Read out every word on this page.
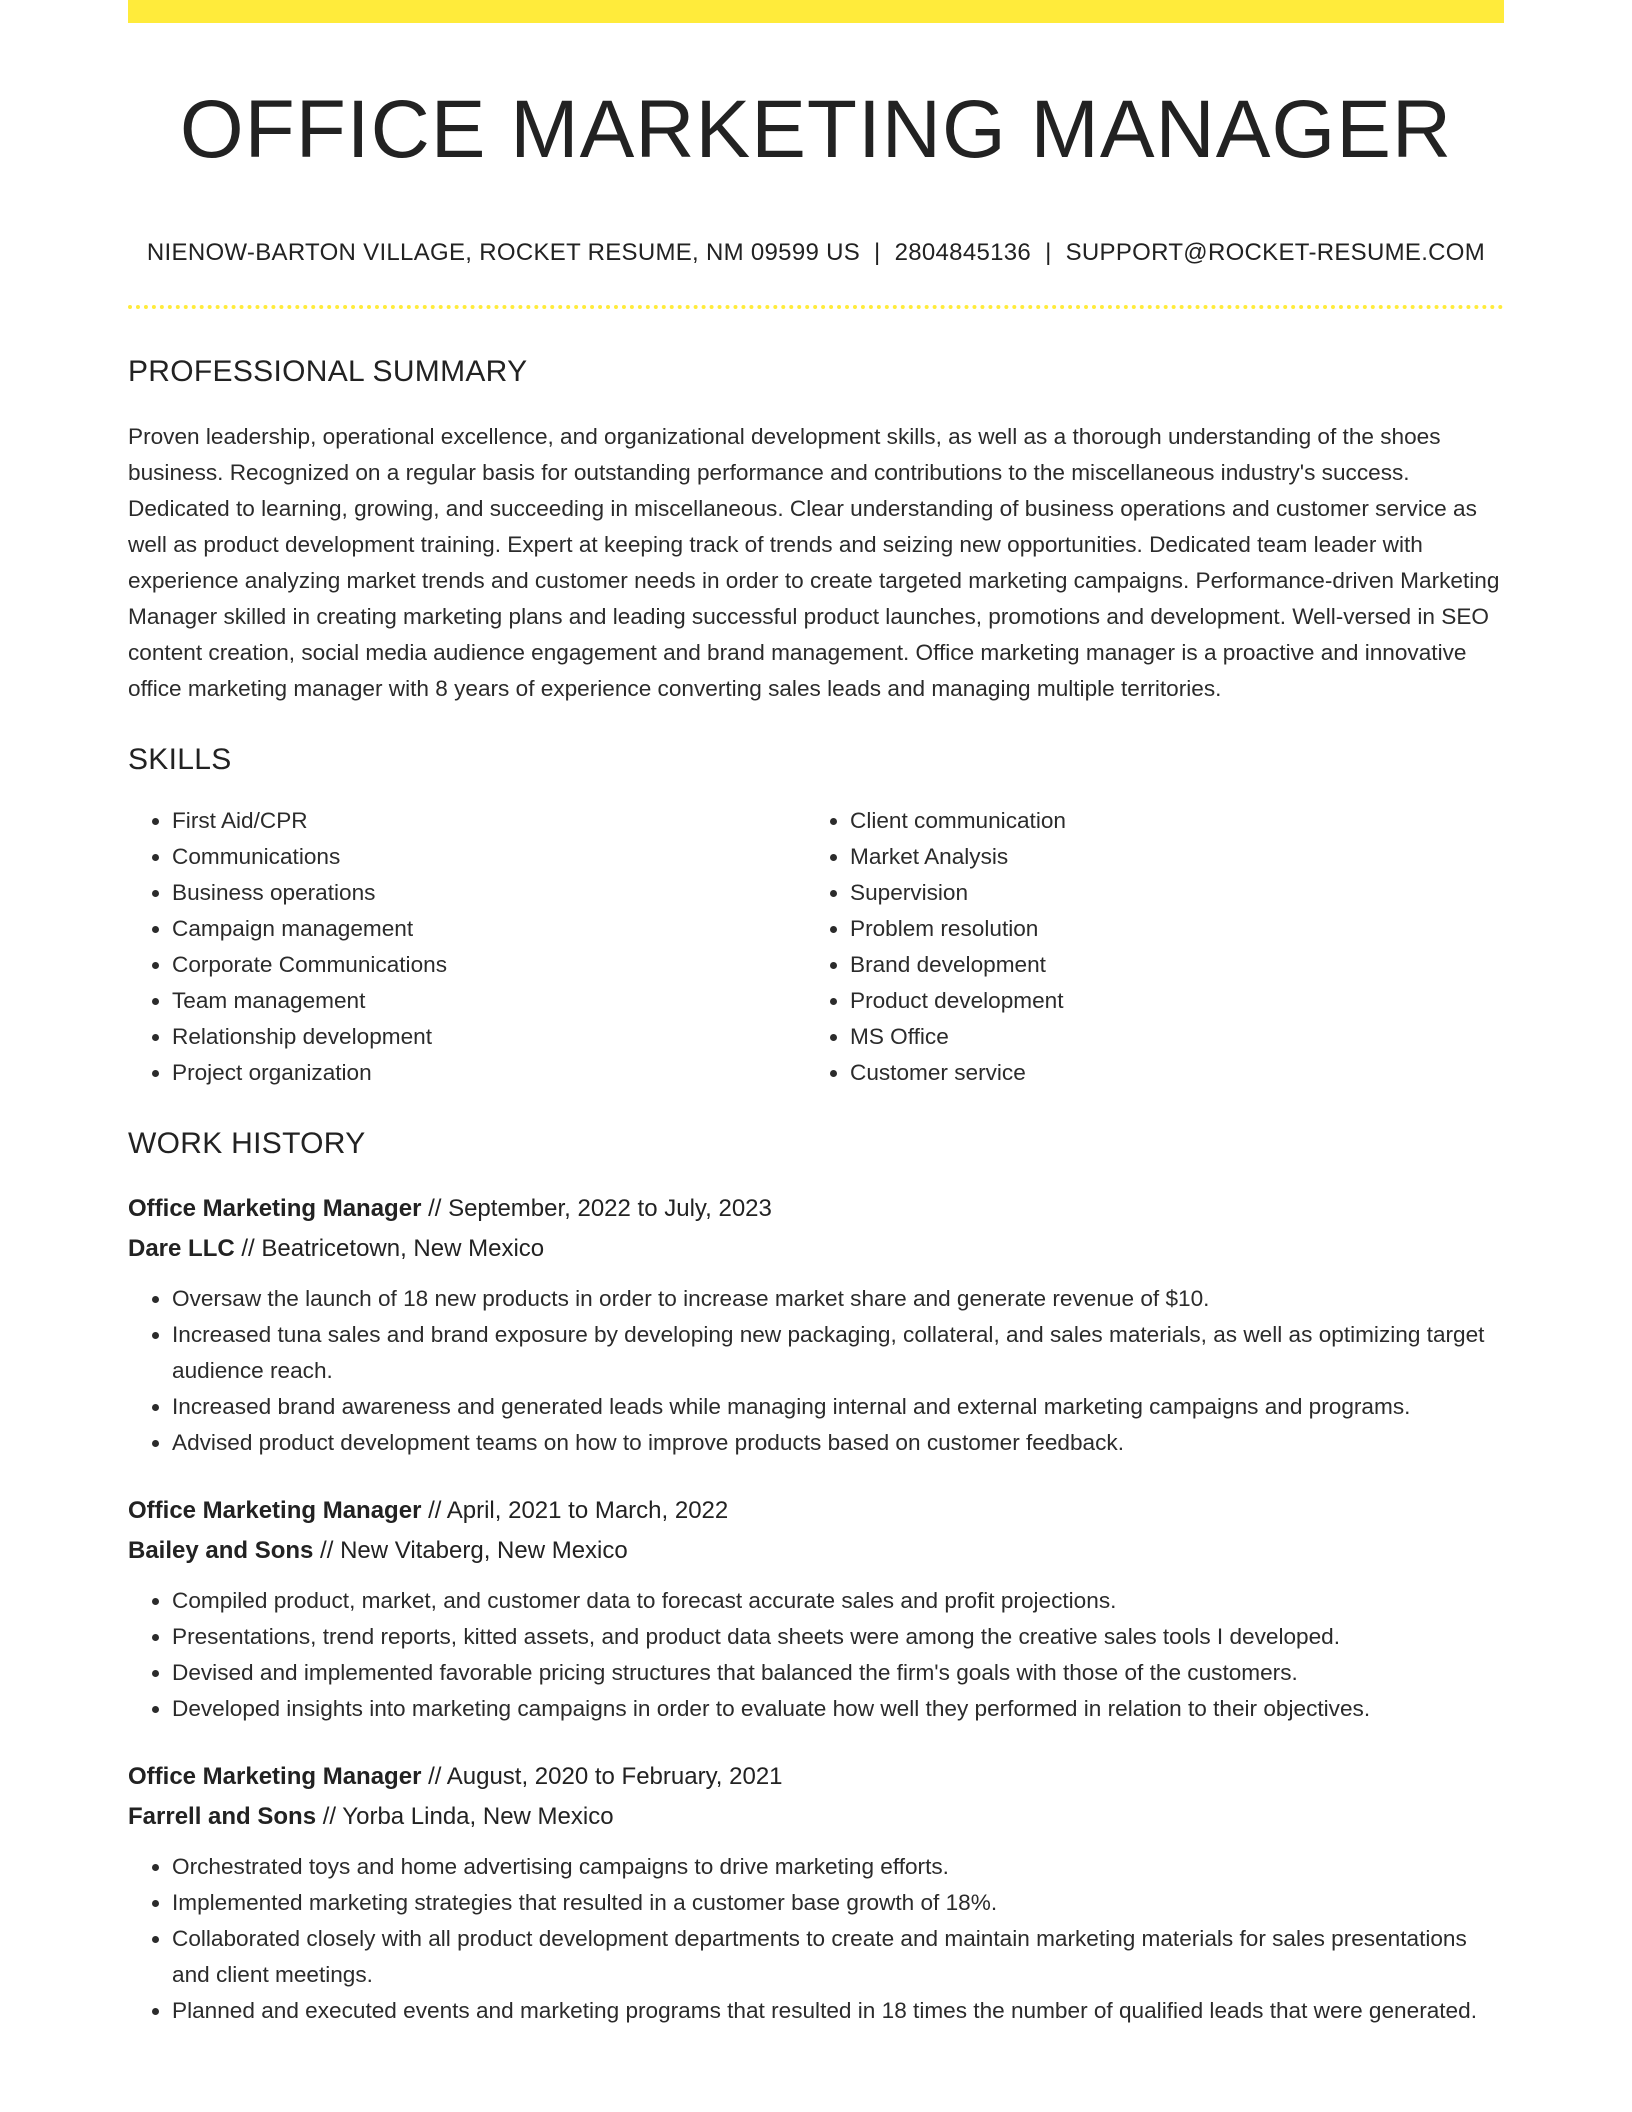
OFFICE MARKETING MANAGER
NIENOW-BARTON VILLAGE, ROCKET RESUME, NM 09599 US | 2804845136 | SUPPORT@ROCKET-RESUME.COM
PROFESSIONAL SUMMARY

Proven leadership, operational excellence, and organizational development skills, as well as a thorough understanding of the shoes business. Recognized on a regular basis for outstanding performance and contributions to the miscellaneous industry's success. Dedicated to learning, growing, and succeeding in miscellaneous. Clear understanding of business operations and customer service as well as product development training. Expert at keeping track of trends and seizing new opportunities. Dedicated team leader with experience analyzing market trends and customer needs in order to create targeted marketing campaigns. Performance-driven Marketing Manager skilled in creating marketing plans and leading successful product launches, promotions and development. Well-versed in SEO content creation, social media audience engagement and brand management. Office marketing manager is a proactive and innovative office marketing manager with 8 years of experience converting sales leads and managing multiple territories.

SKILLS
• First Aid/CPR
• Communications
• Business operations
• Campaign management
• Corporate Communications
• Team management
• Relationship development
• Project organization
• Client communication
• Market Analysis
• Supervision
• Problem resolution
• Brand development
• Product development
• MS Office
• Customer service
WORK HISTORY
Office Marketing Manager // September, 2022 to July, 2023
Dare LLC // Beatricetown, New Mexico
• Oversaw the launch of 18 new products in order to increase market share and generate revenue of $10.
• Increased tuna sales and brand exposure by developing new packaging, collateral, and sales materials, as well as optimizing target audience reach.
• Increased brand awareness and generated leads while managing internal and external marketing campaigns and programs.
• Advised product development teams on how to improve products based on customer feedback.
Office Marketing Manager // April, 2021 to March, 2022
Bailey and Sons // New Vitaberg, New Mexico
• Compiled product, market, and customer data to forecast accurate sales and profit projections.
• Presentations, trend reports, kitted assets, and product data sheets were among the creative sales tools I developed.
• Devised and implemented favorable pricing structures that balanced the firm's goals with those of the customers.
• Developed insights into marketing campaigns in order to evaluate how well they performed in relation to their objectives.
Office Marketing Manager // August, 2020 to February, 2021
Farrell and Sons // Yorba Linda, New Mexico
• Orchestrated toys and home advertising campaigns to drive marketing efforts.
• Implemented marketing strategies that resulted in a customer base growth of 18%.
• Collaborated closely with all product development departments to create and maintain marketing materials for sales presentations and client meetings.
• Planned and executed events and marketing programs that resulted in 18 times the number of qualified leads that were generated.
